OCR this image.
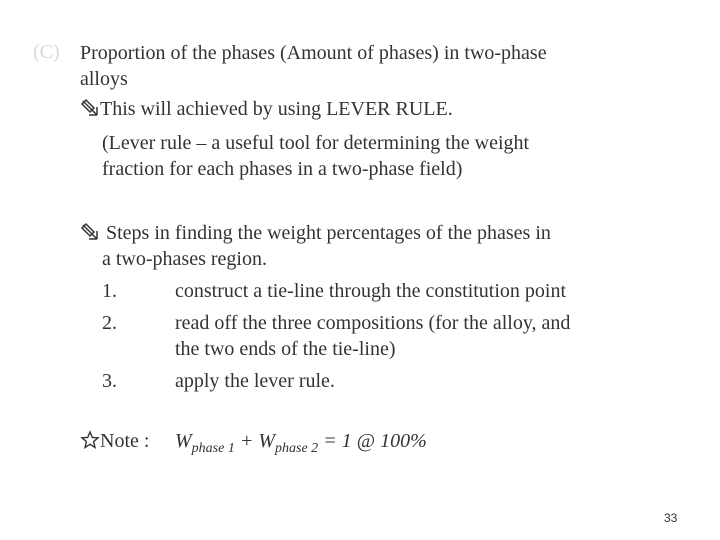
(C) Proportion of the phases (Amount of phases) in two-phase
alloys
This will achieved by using LEVER RULE.
(Lever rule – a useful tool for determining the weight
fraction for each phases in a two-phase field)
Steps in finding the weight percentages of the phases in
a two-phases region.
1.	construct a tie-line through the constitution point
2.	read off the three compositions (for the alloy, and
the two ends of the tie-line)
3.	apply the lever rule.
Note : $W_{phase 1} + W_{phase 2} = 1$ @ 100%
33
